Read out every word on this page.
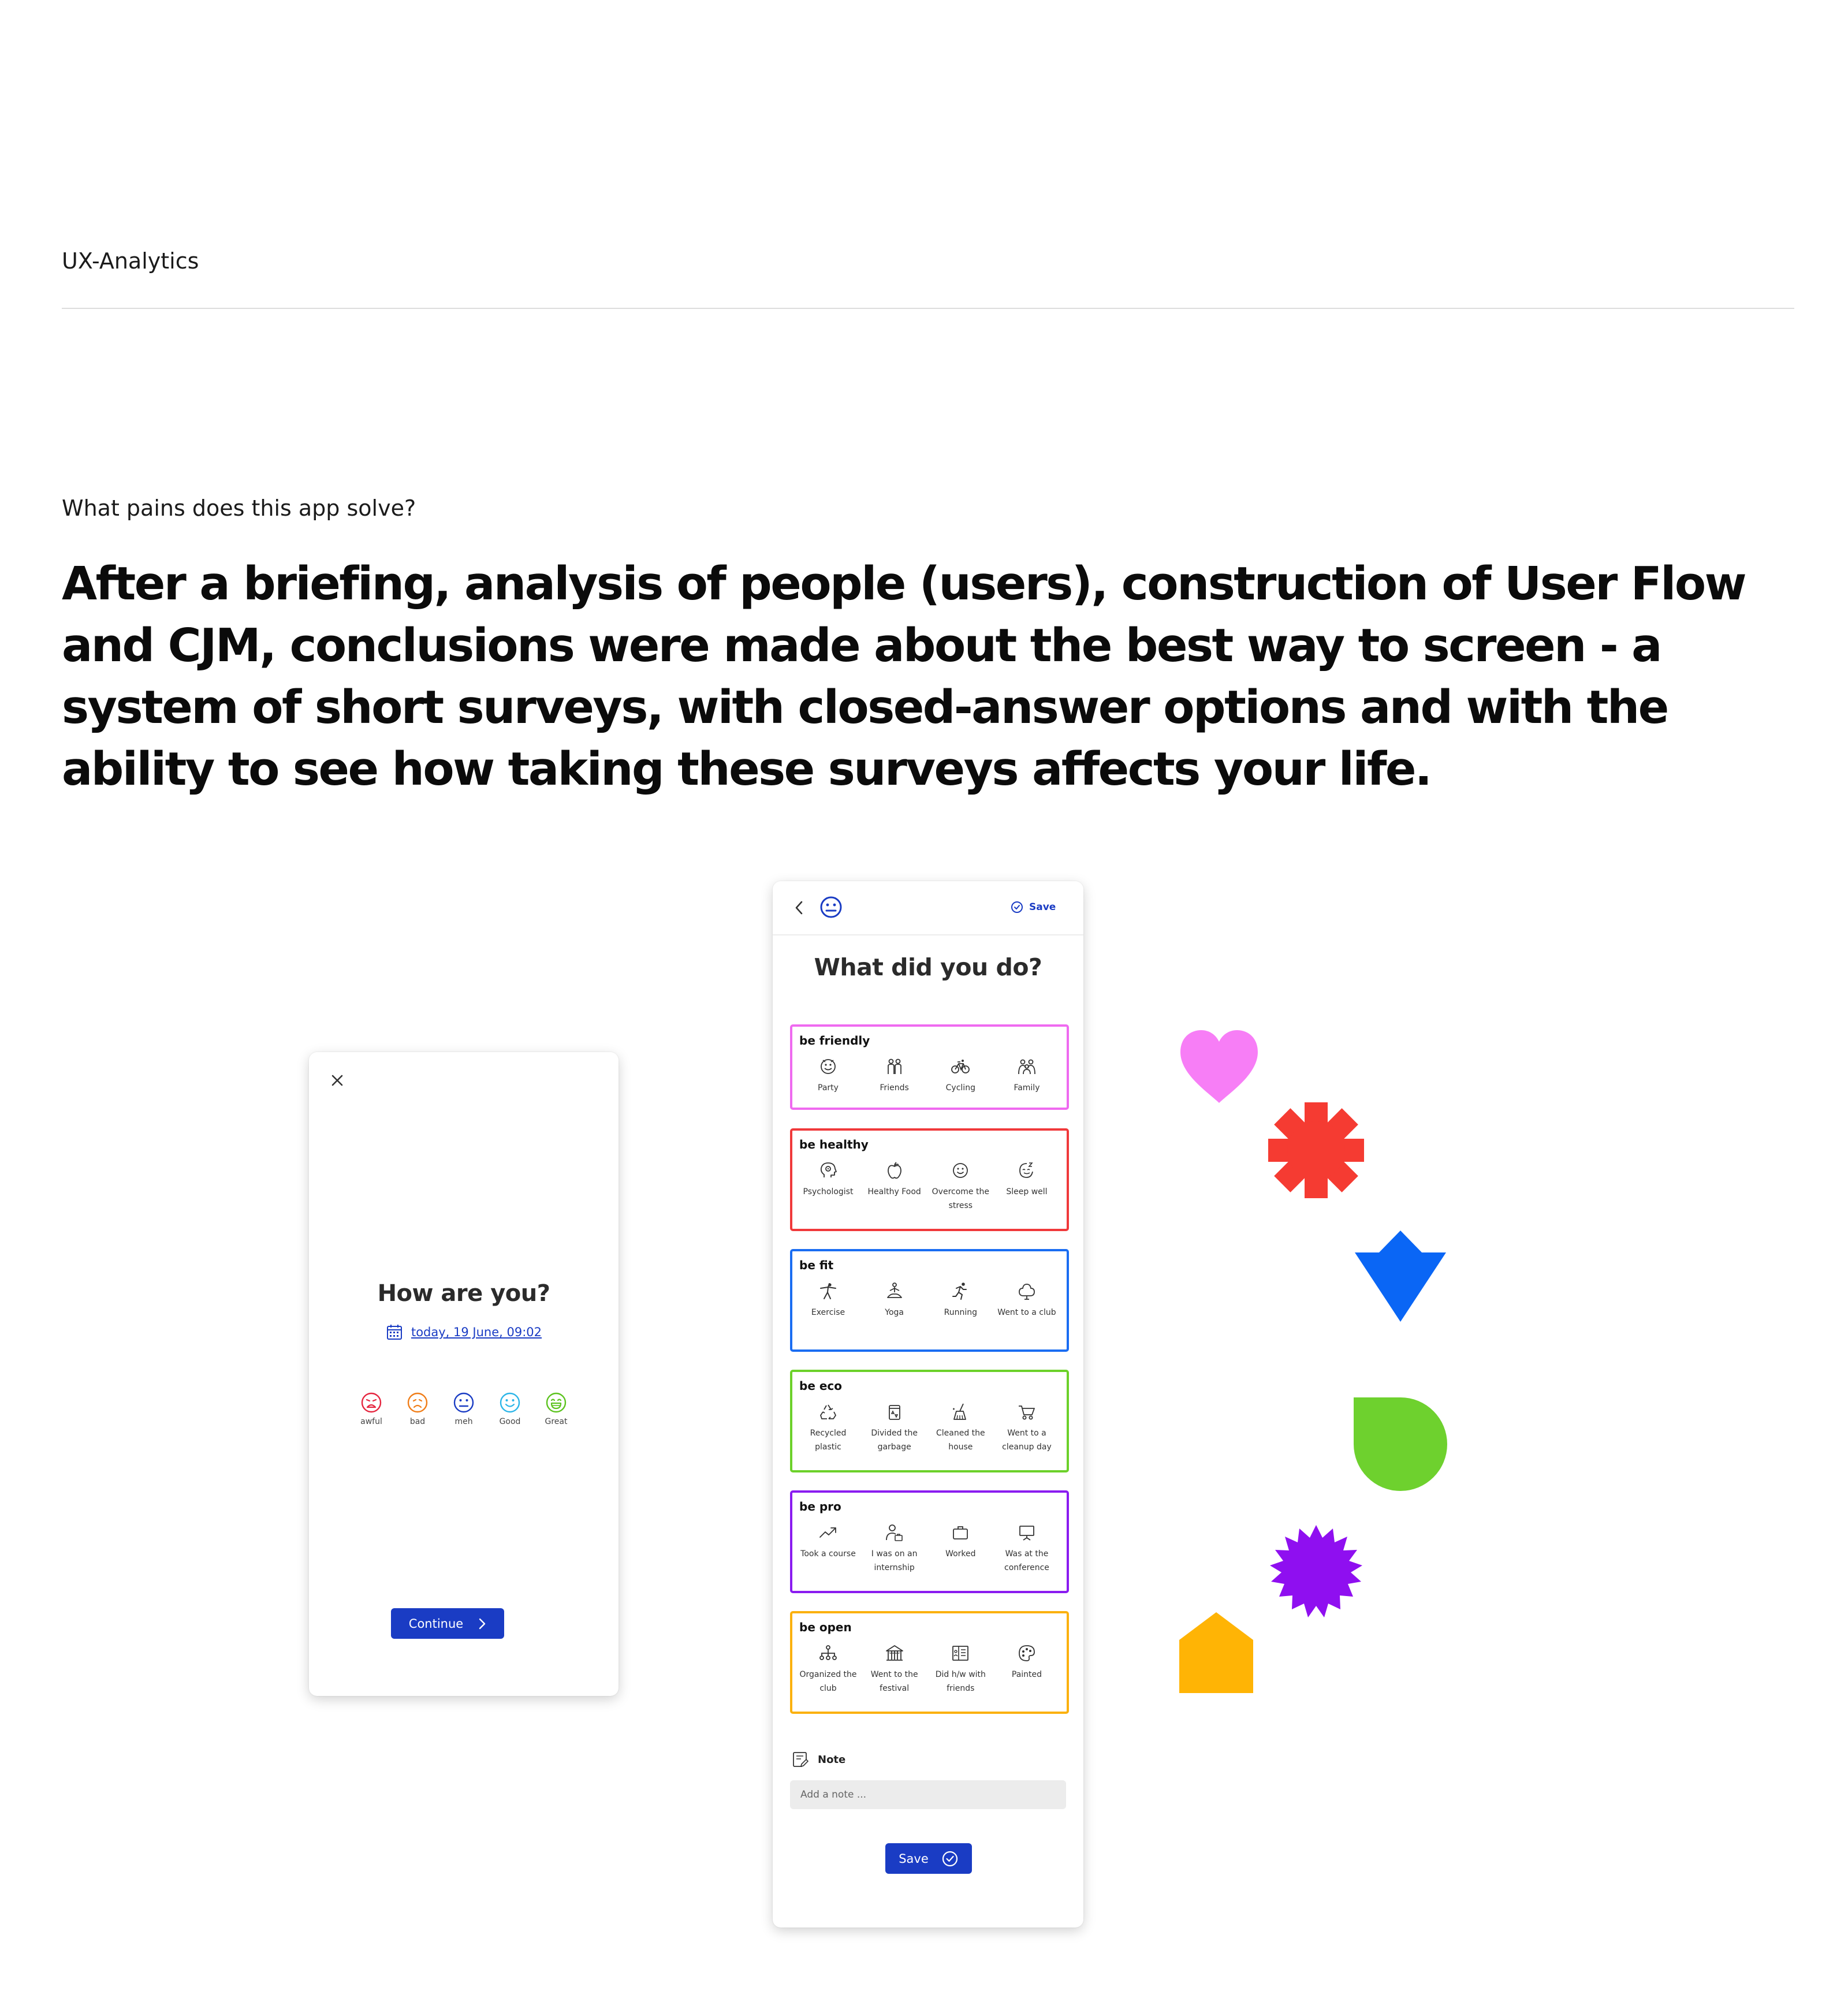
UX-Analytics
What pains does this app solve?
After a briefing, analysis of people (users), construction of User Flow and CJM, conclusions were made about the best way to screen - a system of short surveys, with closed-answer options and with the ability to see how taking these surveys affects your life.
How are you?
today, 19 June, 09:02
awful	bad	meh	Good	Great
Continue
Save
What did you do?
be friendly
Party	Friends	Cycling	Family
be healthy
Psychologist Healthy Food	Overcome the stress
Sleep well
be fit
Exercise	Yoga	Running	Went to a club
be eco
Recycled plastic
Divided the garbage
Cleaned the house
Went to a cleanup day
be pro
Took a course	I was on an internship
Worked	Was at the conference
be open
Organized the club
Went to the festival
Did h/w with friends
Painted
Note
Add a note ...
Save
